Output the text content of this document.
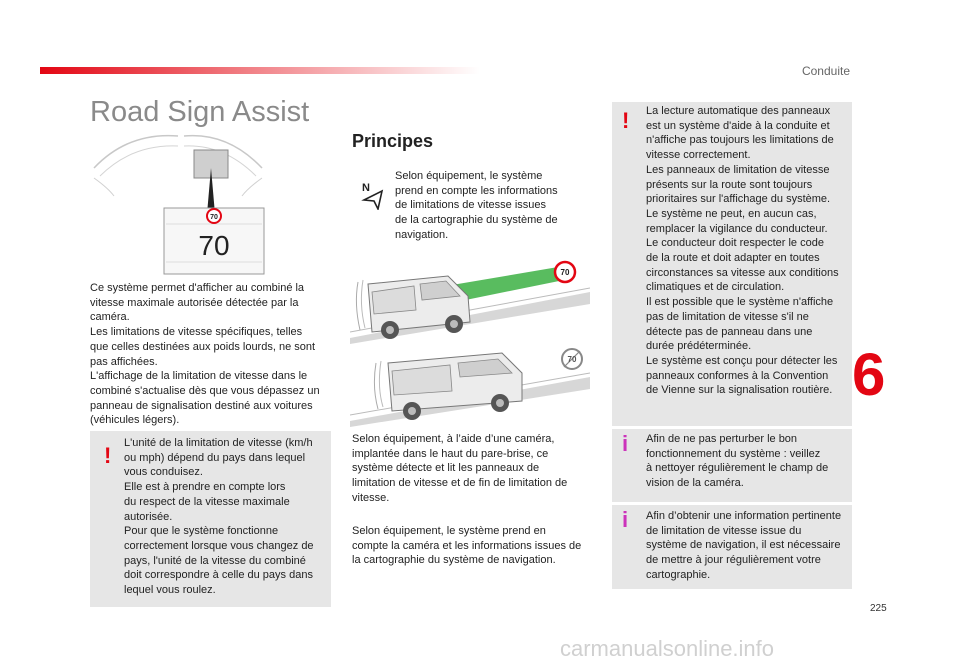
Conduite
Road Sign Assist
70
70
Ce système permet d'afficher au combiné la
vitesse maximale autorisée détectée par la
caméra.
Les limitations de vitesse spécifiques, telles
que celles destinées aux poids lourds, ne sont
pas affichées.
L'affichage de la limitation de vitesse dans le
combiné s'actualise dès que vous dépassez un
panneau de signalisation destiné aux voitures
(véhicules légers).
! L'unité de la limitation de vitesse (km/h
ou mph) dépend du pays dans lequel
vous conduisez.
Elle est à prendre en compte lors
du respect de la vitesse maximale
autorisée.
Pour que le système fonctionne
correctement lorsque vous changez de
pays, l'unité de la vitesse du combiné
doit correspondre à celle du pays dans
lequel vous roulez.
Principes
N
Selon équipement, le système
prend en compte les informations
de limitations de vitesse issues
de la cartographie du système de
navigation.
70
70
Selon équipement, à l’aide d’une caméra,
implantée dans le haut du pare-brise, ce
système détecte et lit les panneaux de
limitation de vitesse et de fin de limitation de
vitesse.
Selon équipement, le système prend en
compte la caméra et les informations issues de
la cartographie du système de navigation.
! La lecture automatique des panneaux
est un système d'aide à la conduite et
n'affiche pas toujours les limitations de
vitesse correctement.
Les panneaux de limitation de vitesse
présents sur la route sont toujours
prioritaires sur l'affichage du système.
Le système ne peut, en aucun cas,
remplacer la vigilance du conducteur.
Le conducteur doit respecter le code
de la route et doit adapter en toutes
circonstances sa vitesse aux conditions
climatiques et de circulation.
Il est possible que le système n'affiche
pas de limitation de vitesse s'il ne
détecte pas de panneau dans une
durée prédéterminée.
Le système est conçu pour détecter les
panneaux conformes à la Convention
de Vienne sur la signalisation routière.
i Afin de ne pas perturber le bon
fonctionnement du système : veillez
à nettoyer régulièrement le champ de
vision de la caméra.
i Afin d’obtenir une information pertinente
de limitation de vitesse issue du
système de navigation, il est nécessaire
de mettre à jour régulièrement votre
cartographie.
6
225
carmanualsonline.info
